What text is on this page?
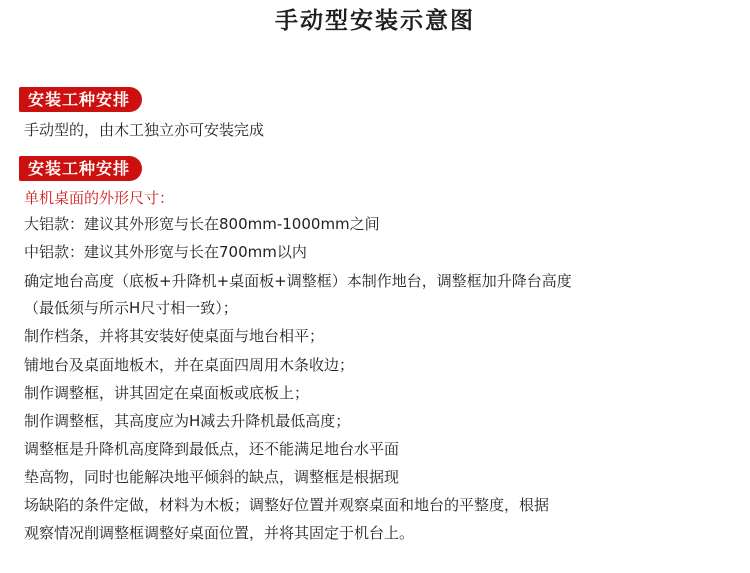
手动型安装示意图
安装工种安排
手动型的，由木工独立亦可安装完成
安装工种安排
单机桌面的外形尺寸：
大铝款：建议其外形宽与长在800mm-1000mm之间
中铝款：建议其外形宽与长在700mm以内
确定地台高度（底板+升降机+桌面板+调整框）本制作地台，调整框加升降台高度
（最低须与所示H尺寸相一致）；
制作档条，并将其安装好使桌面与地台相平；
铺地台及桌面地板木，并在桌面四周用木条收边；
制作调整框，讲其固定在桌面板或底板上；
制作调整框，其高度应为H减去升降机最低高度；
调整框是升降机高度降到最低点，还不能满足地台水平面
垫高物，同时也能解决地平倾斜的缺点，调整框是根据现
场缺陷的条件定做，材料为木板；调整好位置并观察桌面和地台的平整度，根据
观察情况削调整框调整好桌面位置，并将其固定于机台上。
